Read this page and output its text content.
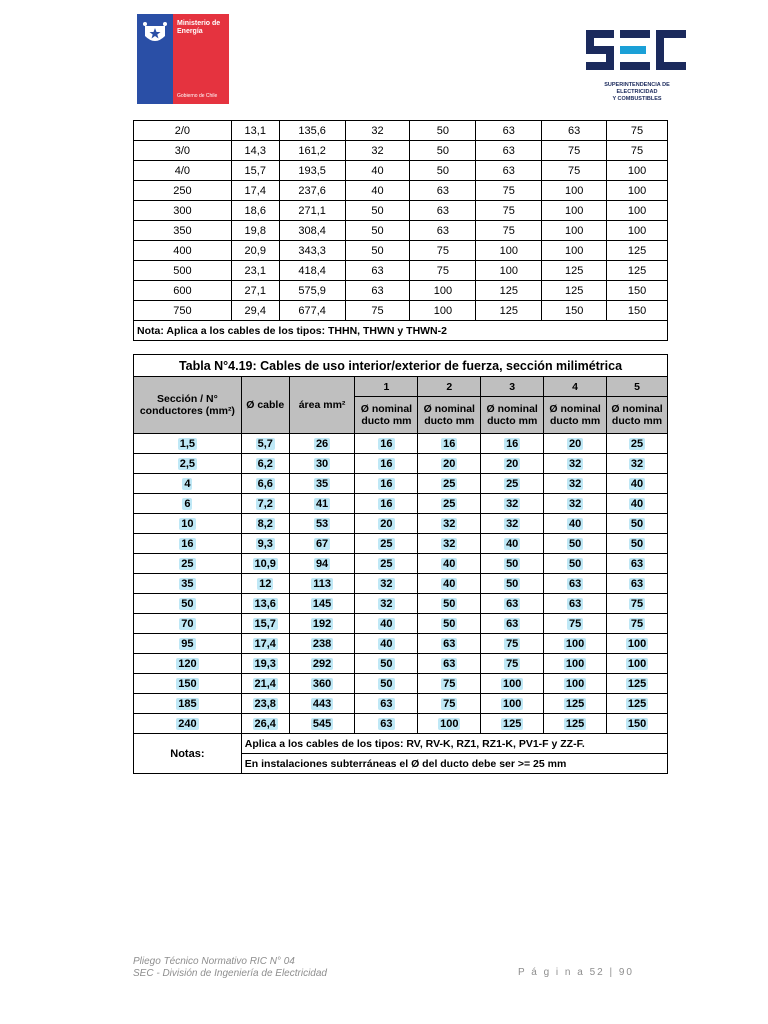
Ministerio de
Energía
Gobierno de Chile
SUPERINTENDENCIA DE ELECTRICIDAD
Y COMBUSTIBLES
2/0	13,1	135,6	32	50	63	63	75
3/0	14,3	161,2	32	50	63	75	75
4/0	15,7	193,5	40	50	63	75	100
250	17,4	237,6	40	63	75	100	100
300	18,6	271,1	50	63	75	100	100
350	19,8	308,4	50	63	75	100	100
400	20,9	343,3	50	75	100	100	125
500	23,1	418,4	63	75	100	125	125
600	27,1	575,9	63	100	125	125	150
750	29,4	677,4	75	100	125	150	150
Nota: Aplica a los cables de los tipos: THHN, THWN y THWN-2							
Tabla N°4.19: Cables de uso interior/exterior de fuerza, sección milimétrica							
Sección / N° conductores (mm²)	Ø cable	área mm²	1	2	3	4	5
			Ø nominal ducto mm	Ø nominal ducto mm	Ø nominal ducto mm	Ø nominal ducto mm	Ø nominal ducto mm
1,5	5,7	26	16	16	16	20	25
2,5	6,2	30	16	20	20	32	32
4	6,6	35	16	25	25	32	40
6	7,2	41	16	25	32	32	40
10	8,2	53	20	32	32	40	50
16	9,3	67	25	32	40	50	50
25	10,9	94	25	40	50	50	63
35	12	113	32	40	50	63	63
50	13,6	145	32	50	63	63	75
70	15,7	192	40	50	63	75	75
95	17,4	238	40	63	75	100	100
120	19,3	292	50	63	75	100	100
150	21,4	360	50	75	100	100	125
185	23,8	443	63	75	100	125	125
240	26,4	545	63	100	125	125	150
Notas:	Aplica a los cables de los tipos: RV, RV-K, RZ1, RZ1-K, PV1-F y ZZ-F.						
	En instalaciones subterráneas el Ø del ducto debe ser >= 25 mm						
Pliego Técnico Normativo RIC N° 04
SEC - División de Ingeniería de Electricidad	P á g i n a 52 | 90
